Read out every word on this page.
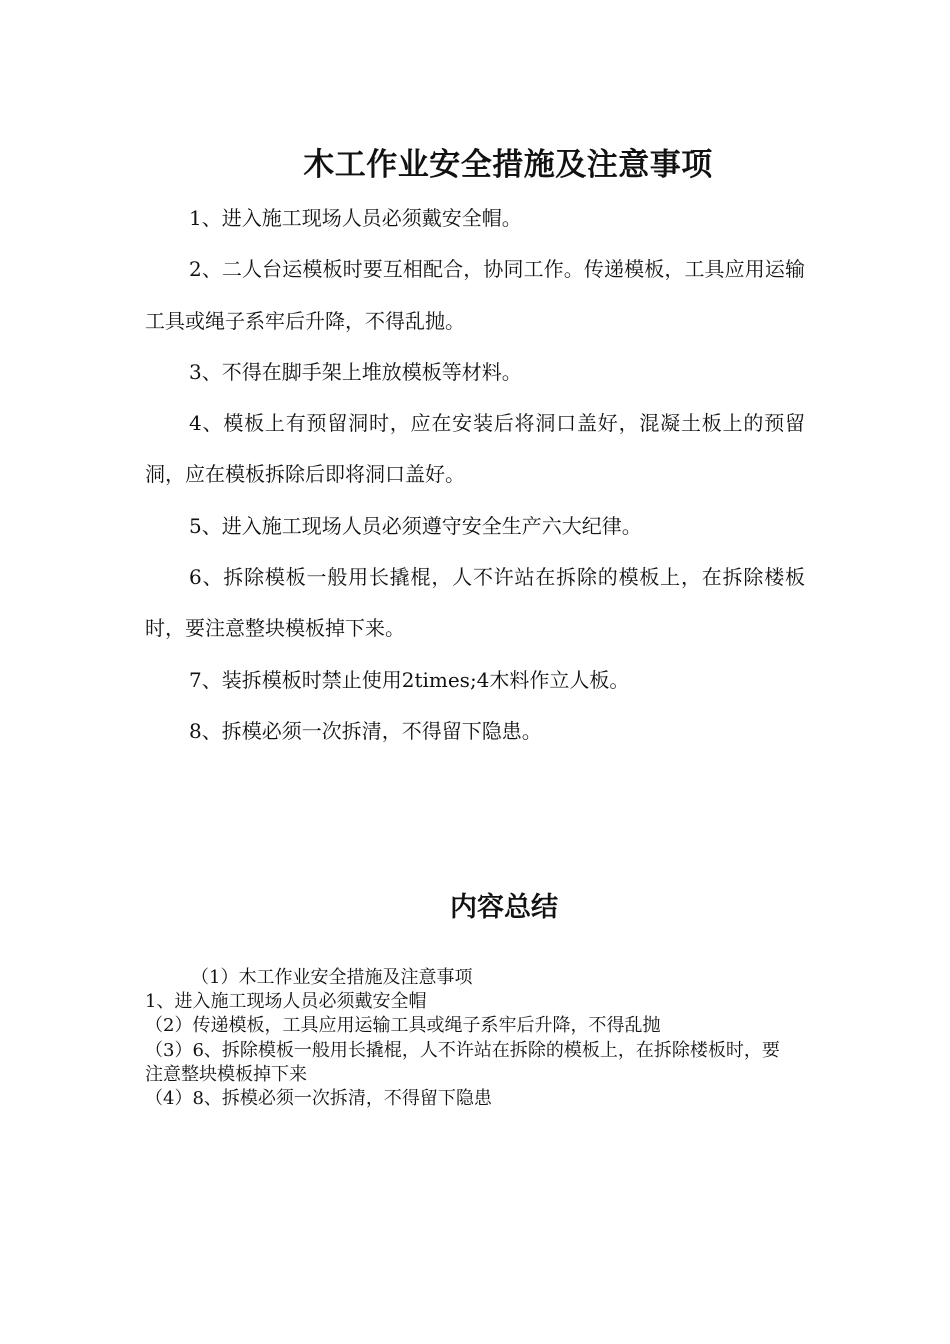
木工作业安全措施及注意事项

1、进入施工现场人员必须戴安全帽。

2、二人台运模板时要互相配合，协同工作。传递模板，工具应用运输工具或绳子系牢后升降，不得乱抛。

3、不得在脚手架上堆放模板等材料。

4、模板上有预留洞时，应在安装后将洞口盖好，混凝土板上的预留洞，应在模板拆除后即将洞口盖好。

5、进入施工现场人员必须遵守安全生产六大纪律。

6、拆除模板一般用长撬棍，人不许站在拆除的模板上，在拆除楼板时，要注意整块模板掉下来。

7、装拆模板时禁止使用2times;4木料作立人板。

8、拆模必须一次拆清，不得留下隐患。

内容总结

（1）木工作业安全措施及注意事项

1、进入施工现场人员必须戴安全帽

（2）传递模板，工具应用运输工具或绳子系牢后升降，不得乱抛

（3）6、拆除模板一般用长撬棍，人不许站在拆除的模板上，在拆除楼板时，要注意整块模板掉下来

（4）8、拆模必须一次拆清，不得留下隐患
